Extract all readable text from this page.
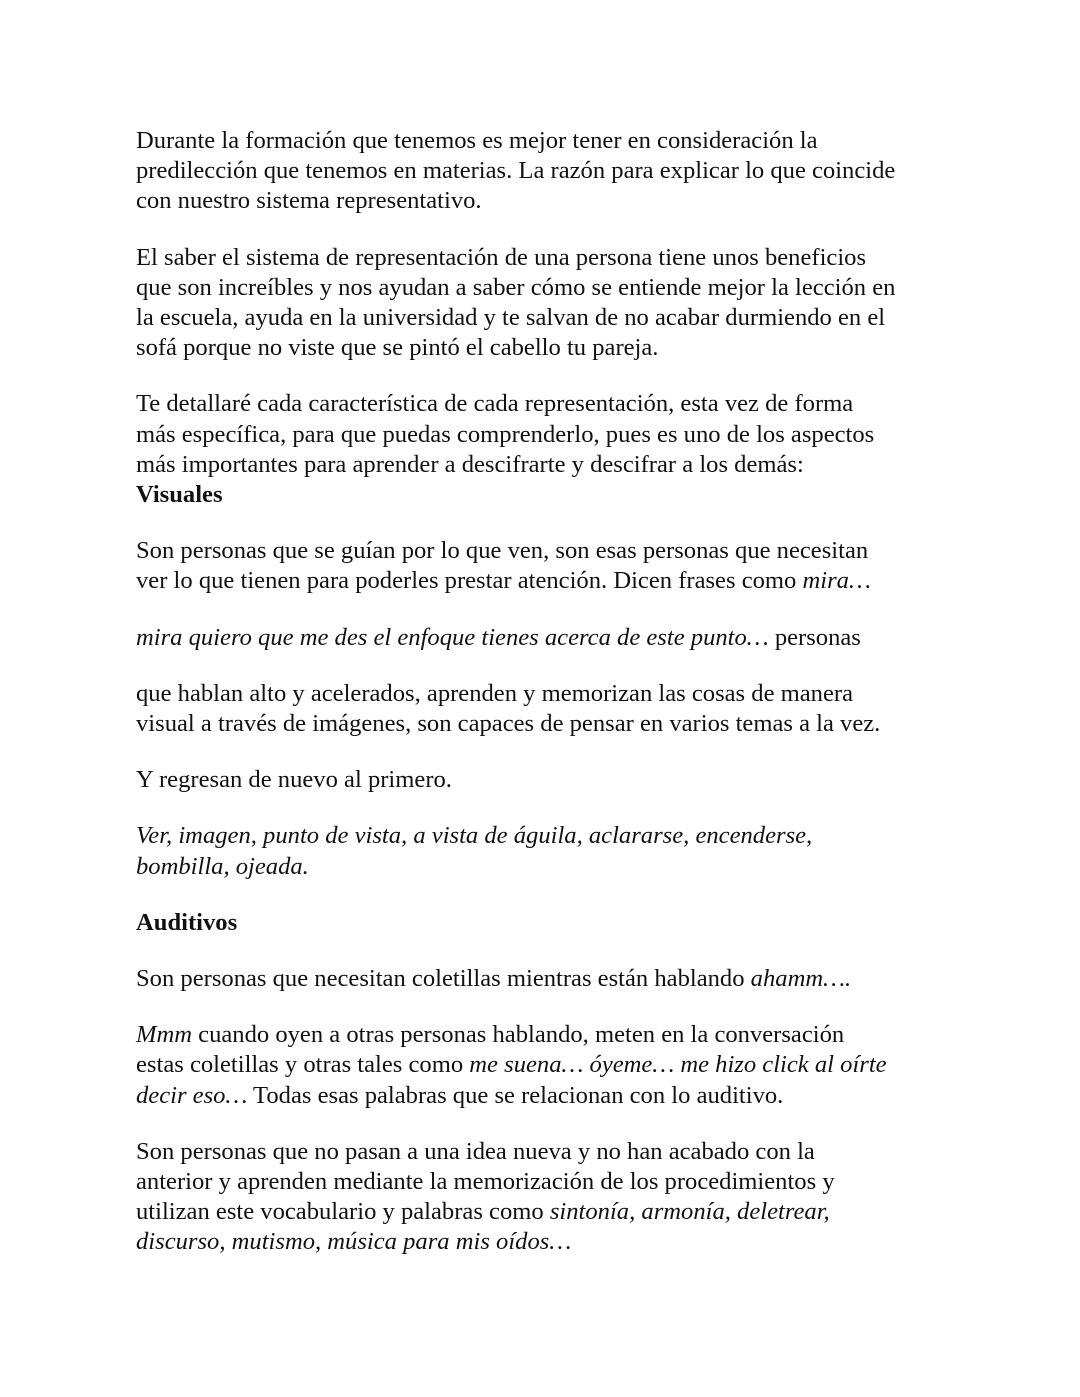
Durante la formación que tenemos es mejor tener en consideración la
predilección que tenemos en materias. La razón para explicar lo que coincide
con nuestro sistema representativo.

El saber el sistema de representación de una persona tiene unos beneficios
que son increíbles y nos ayudan a saber cómo se entiende mejor la lección en
la escuela, ayuda en la universidad y te salvan de no acabar durmiendo en el
sofá porque no viste que se pintó el cabello tu pareja.

Te detallaré cada característica de cada representación, esta vez de forma
más específica, para que puedas comprenderlo, pues es uno de los aspectos
más importantes para aprender a descifrarte y descifrar a los demás:

Visuales

Son personas que se guían por lo que ven, son esas personas que necesitan
ver lo que tienen para poderles prestar atención. Dicen frases como mira…

mira quiero que me des el enfoque tienes acerca de este punto… personas

que hablan alto y acelerados, aprenden y memorizan las cosas de manera
visual a través de imágenes, son capaces de pensar en varios temas a la vez.

Y regresan de nuevo al primero.

Ver, imagen, punto de vista, a vista de águila, aclararse, encenderse,
bombilla, ojeada.

Auditivos

Son personas que necesitan coletillas mientras están hablando ahamm….

Mmm cuando oyen a otras personas hablando, meten en la conversación
estas coletillas y otras tales como me suena… óyeme… me hizo click al oírte
decir eso… Todas esas palabras que se relacionan con lo auditivo.

Son personas que no pasan a una idea nueva y no han acabado con la
anterior y aprenden mediante la memorización de los procedimientos y
utilizan este vocabulario y palabras como sintonía, armonía, deletrear,
discurso, mutismo, música para mis oídos…
